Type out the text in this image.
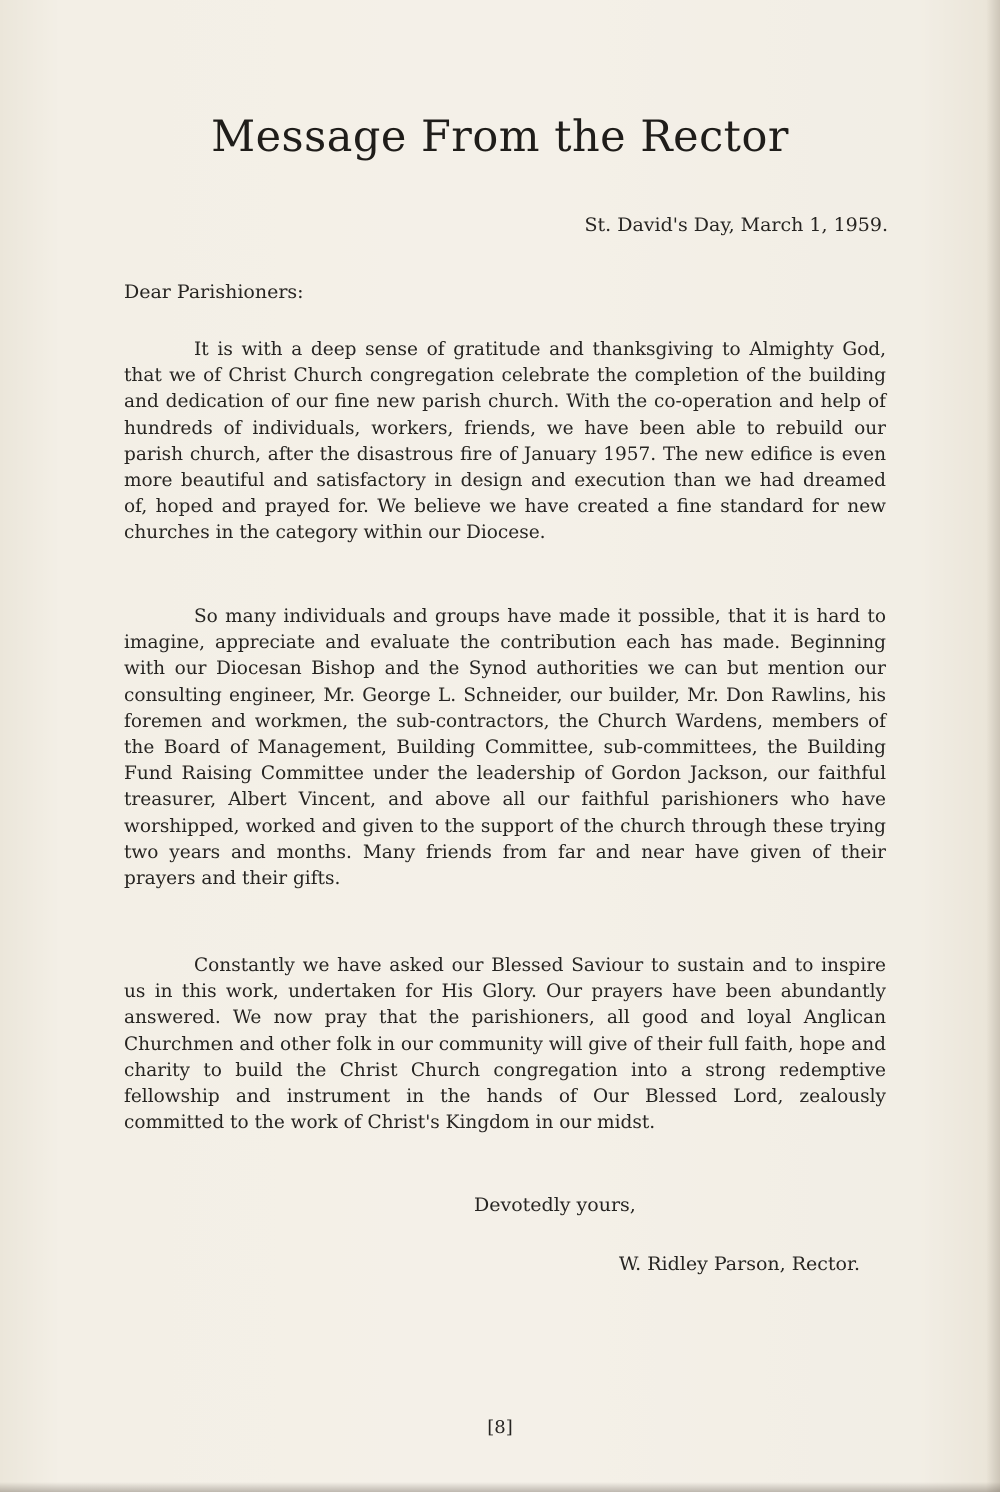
Message From the Rector

St. David's Day, March 1, 1959.

Dear Parishioners:

It is with a deep sense of gratitude and thanksgiving to Almighty God, that we of Christ Church congregation celebrate the completion of the building and dedication of our fine new parish church. With the co-operation and help of hundreds of individuals, workers, friends, we have been able to rebuild our parish church, after the disastrous fire of January 1957. The new edifice is even more beautiful and satisfactory in design and execution than we had dreamed of, hoped and prayed for. We believe we have created a fine standard for new churches in the category within our Diocese.

So many individuals and groups have made it possible, that it is hard to imagine, appreciate and evaluate the contribution each has made. Beginning with our Diocesan Bishop and the Synod authorities we can but mention our consulting engineer, Mr. George L. Schneider, our builder, Mr. Don Rawlins, his foremen and workmen, the sub-contractors, the Church Wardens, members of the Board of Management, Building Committee, sub-committees, the Building Fund Raising Committee under the leadership of Gordon Jackson, our faithful treasurer, Albert Vincent, and above all our faithful parishioners who have worshipped, worked and given to the support of the church through these trying two years and months. Many friends from far and near have given of their prayers and their gifts.

Constantly we have asked our Blessed Saviour to sustain and to inspire us in this work, undertaken for His Glory. Our prayers have been abundantly answered. We now pray that the parishioners, all good and loyal Anglican Churchmen and other folk in our community will give of their full faith, hope and charity to build the Christ Church congregation into a strong redemptive fellowship and instrument in the hands of Our Blessed Lord, zealously committed to the work of Christ's Kingdom in our midst.

Devotedly yours,

W. Ridley Parson, Rector.

[8]
